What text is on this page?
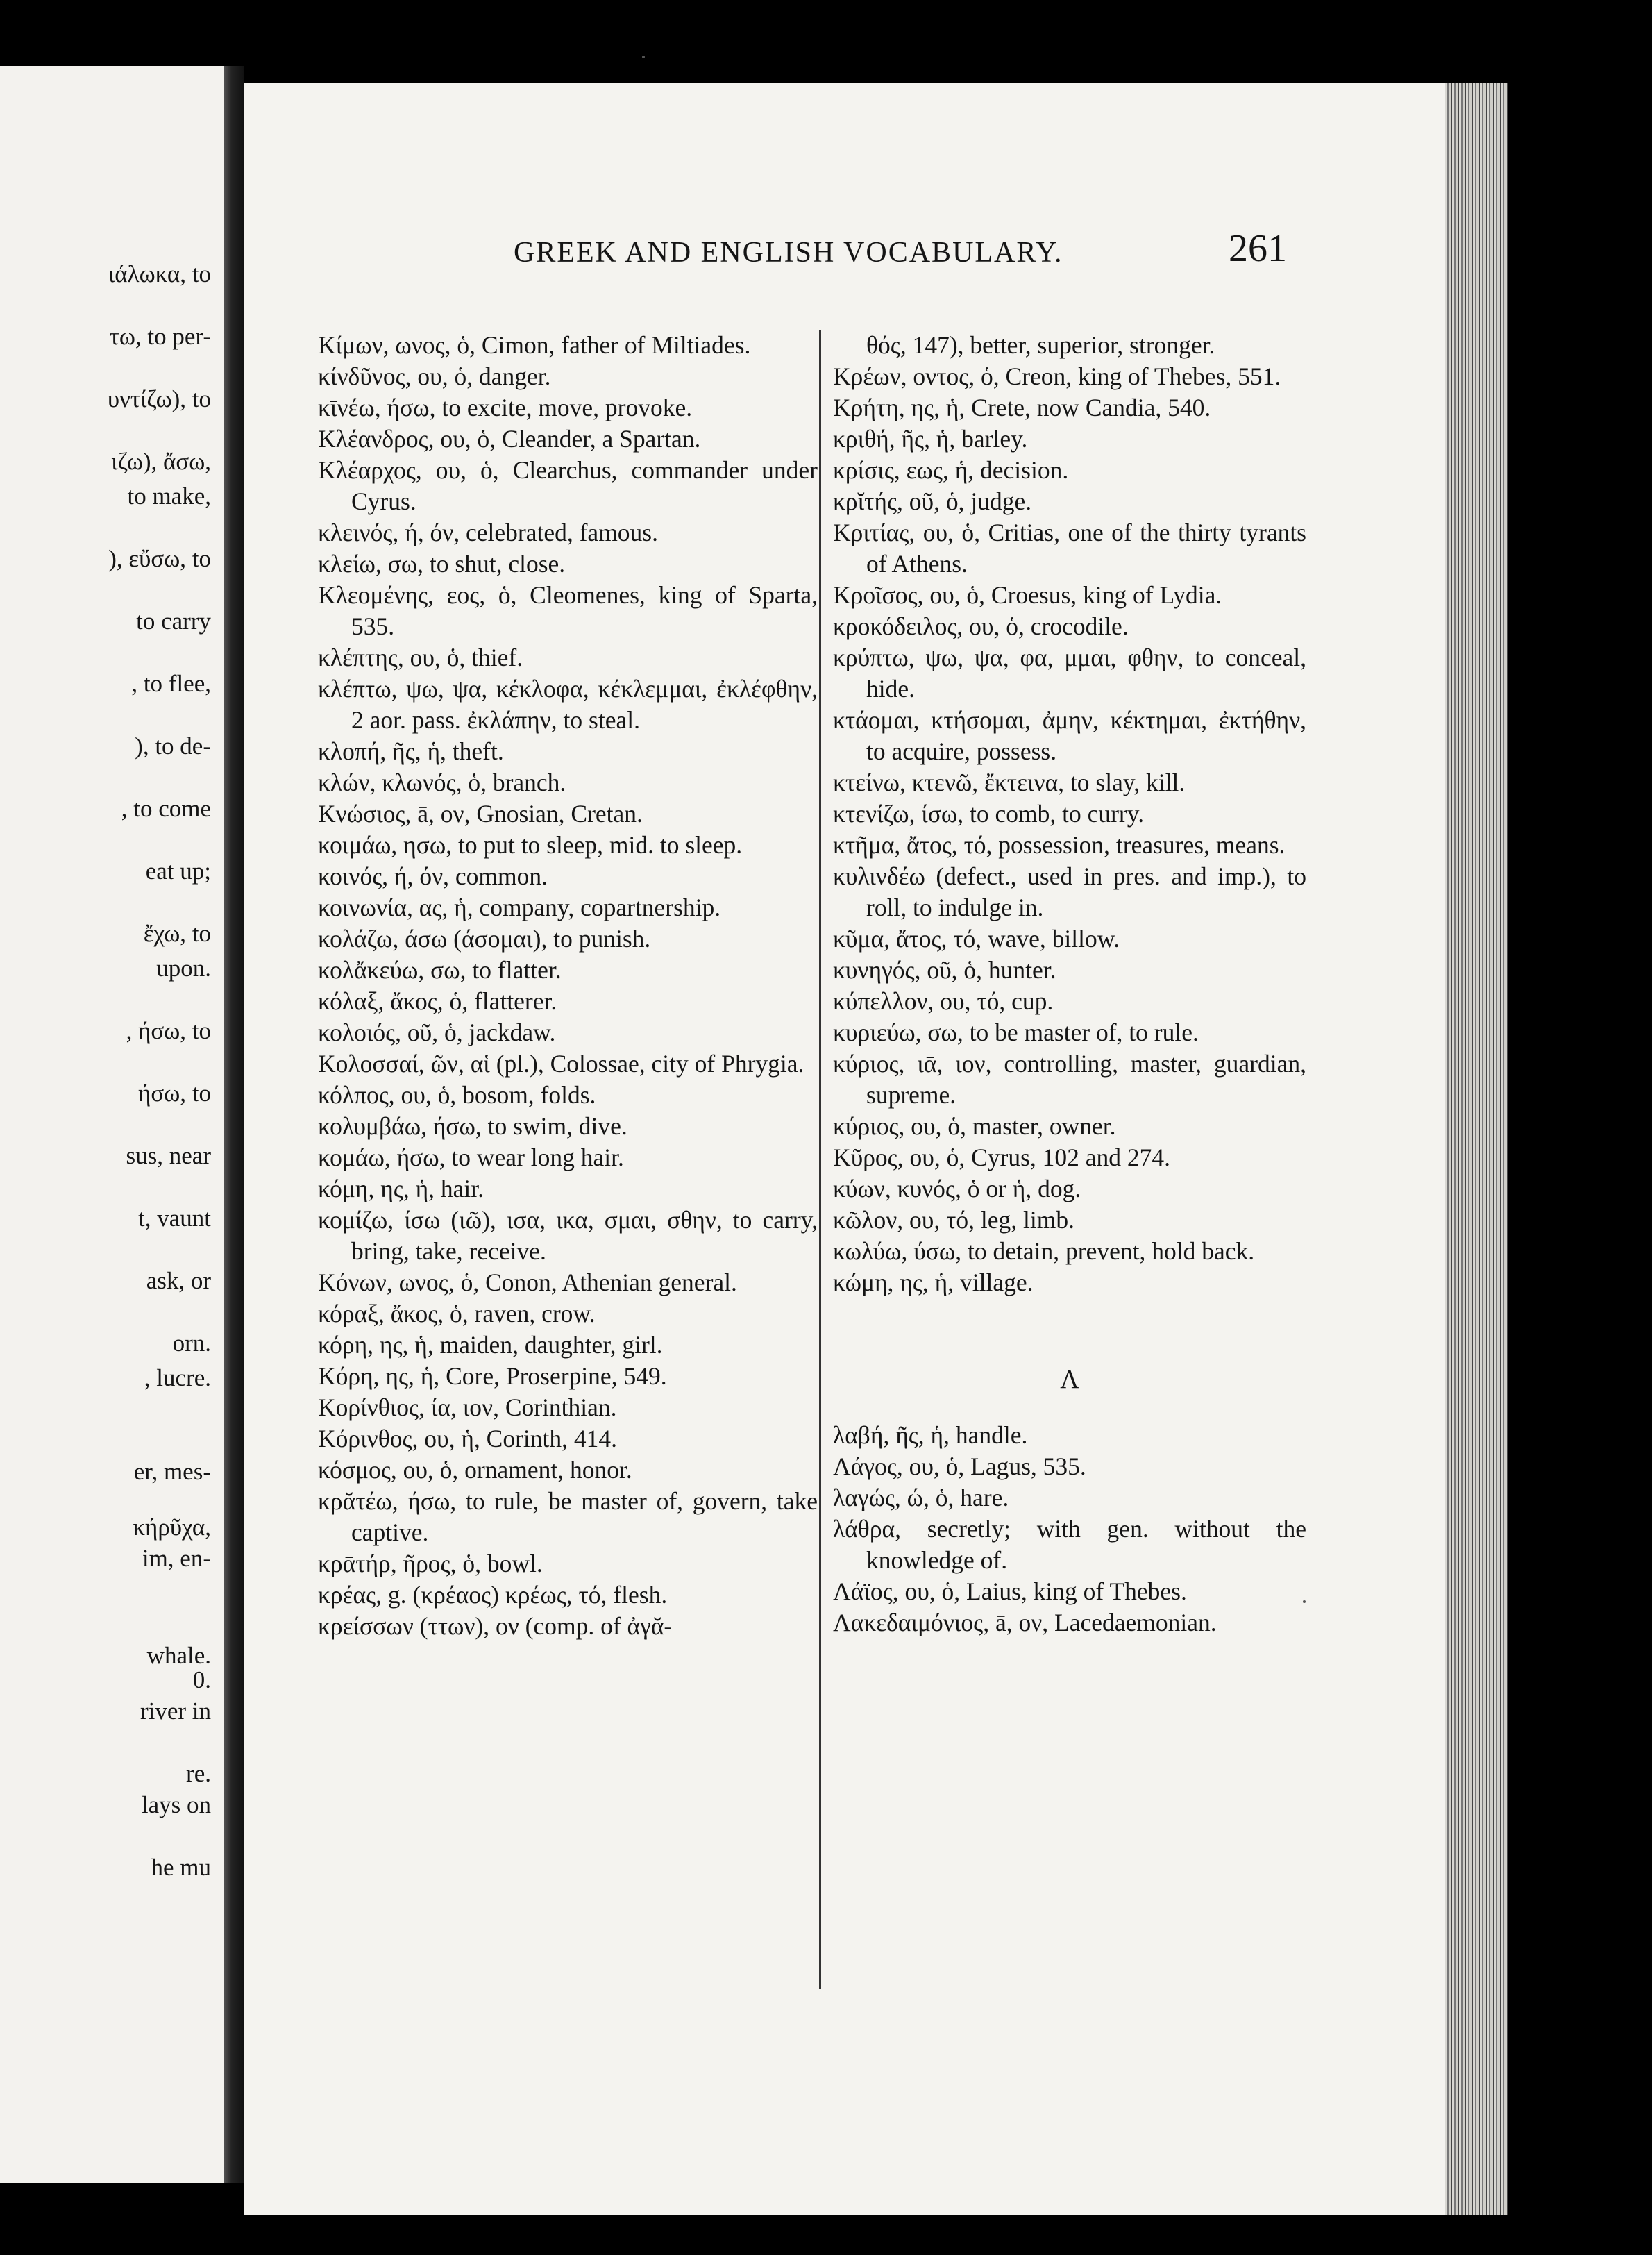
ιάλωκα, to
τω, to per-
υντίζω), to
ιζω), ἄσω,
to make,
), εὔσω, to
to carry
, to flee,
), to de-
, to come
eat up;
ἔχω, to
upon.
, ήσω, to
ήσω, to
sus, near
t, vaunt
ask, or
orn.
, lucre.
er, mes-
κήρῦχα,
im, en-
whale.
0.
river in
re.
lays on
he mu
GREEK AND ENGLISH VOCABULARY.	261

Κίμων, ωνος, ὁ, Cimon, father of Miltiades.

κίνδῦνος, ου, ὁ, danger.

κῑνέω, ήσω, to excite, move, provoke.

Κλέανδρος, ου, ὁ, Cleander, a Spartan.

Κλέαρχος, ου, ὁ, Clearchus, commander under Cyrus.

κλεινός, ή, όν, celebrated, famous.

κλείω, σω, to shut, close.

Κλεομένης, εος, ὁ, Cleomenes, king of Sparta, 535.

κλέπτης, ου, ὁ, thief.

κλέπτω, ψω, ψα, κέκλοφα, κέκλεμμαι, ἐκλέφθην, 2 aor. pass. ἐκλάπην, to steal.

κλοπή, ῆς, ἡ, theft.

κλών, κλωνός, ὁ, branch.

Κνώσιος, ā, ον, Gnosian, Cretan.

κοιμάω, ησω, to put to sleep, mid. to sleep.

κοινός, ή, όν, common.

κοινωνία, ας, ἡ, company, copartnership.

κολάζω, άσω (άσομαι), to punish.

κολἄκεύω, σω, to flatter.

κόλαξ, ἄκος, ὁ, flatterer.

κολοιός, οῦ, ὁ, jackdaw.

Κολοσσαί, ῶν, αἱ (pl.), Colossae, city of Phrygia.

κόλπος, ου, ὁ, bosom, folds.

κολυμβάω, ήσω, to swim, dive.

κομάω, ήσω, to wear long hair.

κόμη, ης, ἡ, hair.

κομίζω, ίσω (ιῶ), ισα, ικα, σμαι, σθην, to carry, bring, take, receive.

Κόνων, ωνος, ὁ, Conon, Athenian general.

κόραξ, ἄκος, ὁ, raven, crow.

κόρη, ης, ἡ, maiden, daughter, girl.

Κόρη, ης, ἡ, Core, Proserpine, 549.

Κορίνθιος, ία, ιον, Corinthian.

Κόρινθος, ου, ἡ, Corinth, 414.

κόσμος, ου, ὁ, ornament, honor.

κρᾰτέω, ήσω, to rule, be master of, govern, take captive.

κρᾱτήρ, ῆρος, ὁ, bowl.

κρέας, g. (κρέαος) κρέως, τό, flesh.

κρείσσων (ττων), ον (comp. of ἀγᾰ-

θός, 147), better, superior, stronger.

Κρέων, οντος, ὁ, Creon, king of Thebes, 551.

Κρήτη, ης, ἡ, Crete, now Candia, 540.

κριθή, ῆς, ἡ, barley.

κρίσις, εως, ἡ, decision.

κρῐτής, οῦ, ὁ, judge.

Κριτίας, ου, ὁ, Critias, one of the thirty tyrants of Athens.

Κροῖσος, ου, ὁ, Croesus, king of Lydia.

κροκόδειλος, ου, ὁ, crocodile.

κρύπτω, ψω, ψα, φα, μμαι, φθην, to conceal, hide.

κτάομαι, κτήσομαι, ἀμην, κέκτημαι, ἐκτήθην, to acquire, possess.

κτείνω, κτενῶ, ἔκτεινα, to slay, kill.

κτενίζω, ίσω, to comb, to curry.

κτῆμα, ἄτος, τό, possession, treasures, means.

κυλινδέω (defect., used in pres. and imp.), to roll, to indulge in.

κῦμα, ἄτος, τό, wave, billow.

κυνηγός, οῦ, ὁ, hunter.

κύπελλον, ου, τό, cup.

κυριεύω, σω, to be master of, to rule.

κύριος, ιᾱ, ιον, controlling, master, guardian, supreme.

κύριος, ου, ὁ, master, owner.

Κῦρος, ου, ὁ, Cyrus, 102 and 274.

κύων, κυνός, ὁ or ἡ, dog.

κῶλον, ου, τό, leg, limb.

κωλύω, ύσω, to detain, prevent, hold back.

κώμη, ης, ἡ, village.

Λ

λαβή, ῆς, ἡ, handle.

Λάγος, ου, ὁ, Lagus, 535.

λαγώς, ώ, ὁ, hare.

λάθρα, secretly; with gen. without the knowledge of.

Λάϊος, ου, ὁ, Laius, king of Thebes.

Λακεδαιμόνιος, ā, ον, Lacedaemonian.
